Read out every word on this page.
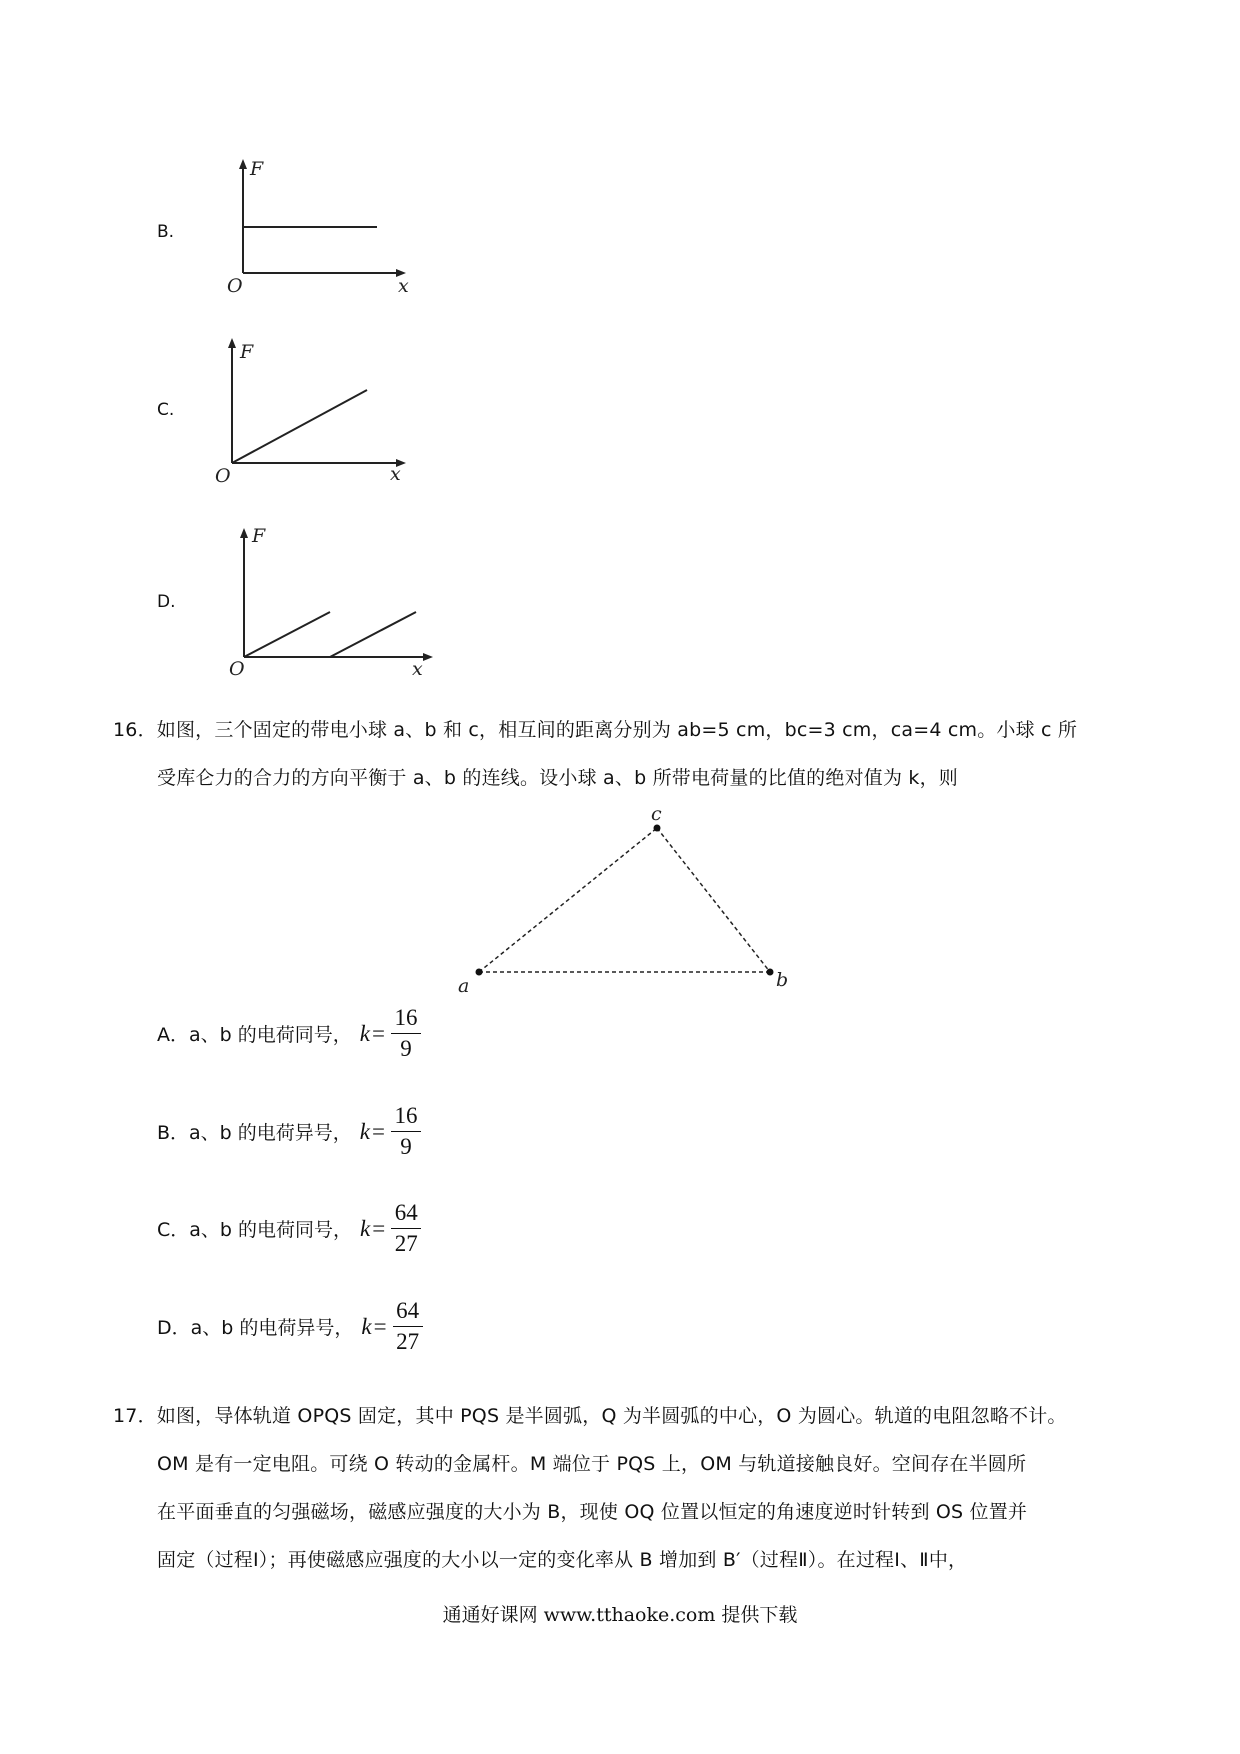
B.
F
O	x
C.
F
O	x
D.
F
O	x
16．如图，三个固定的带电小球 a、b 和 c，相互间的距离分别为 ab=5 cm，bc=3 cm，ca=4 cm。小球 c 所
受库仑力的合力的方向平衡于 a、b 的连线。设小球 a、b 所带电荷量的比值的绝对值为 k，则
a	b
c
A．a、b 的电荷同号， $k = \frac{16}{9}$
B．a、b 的电荷异号， $k = \frac{16}{9}$
C．a、b 的电荷同号， $k = \frac{64}{27}$
D．a、b 的电荷异号， $k = \frac{64}{27}$
17．如图，导体轨道 OPQS 固定，其中 PQS 是半圆弧，Q 为半圆弧的中心，O 为圆心。轨道的电阻忽略不计。
OM 是有一定电阻。可绕 O 转动的金属杆。M 端位于 PQS 上，OM 与轨道接触良好。空间存在半圆所
在平面垂直的匀强磁场，磁感应强度的大小为 B，现使 OQ 位置以恒定的角速度逆时针转到 OS 位置并
固定（过程Ⅰ）；再使磁感应强度的大小以一定的变化率从 B 增加到 B′（过程Ⅱ）。在过程Ⅰ、Ⅱ中，
通通好课网 www.tthaoke.com 提供下载
